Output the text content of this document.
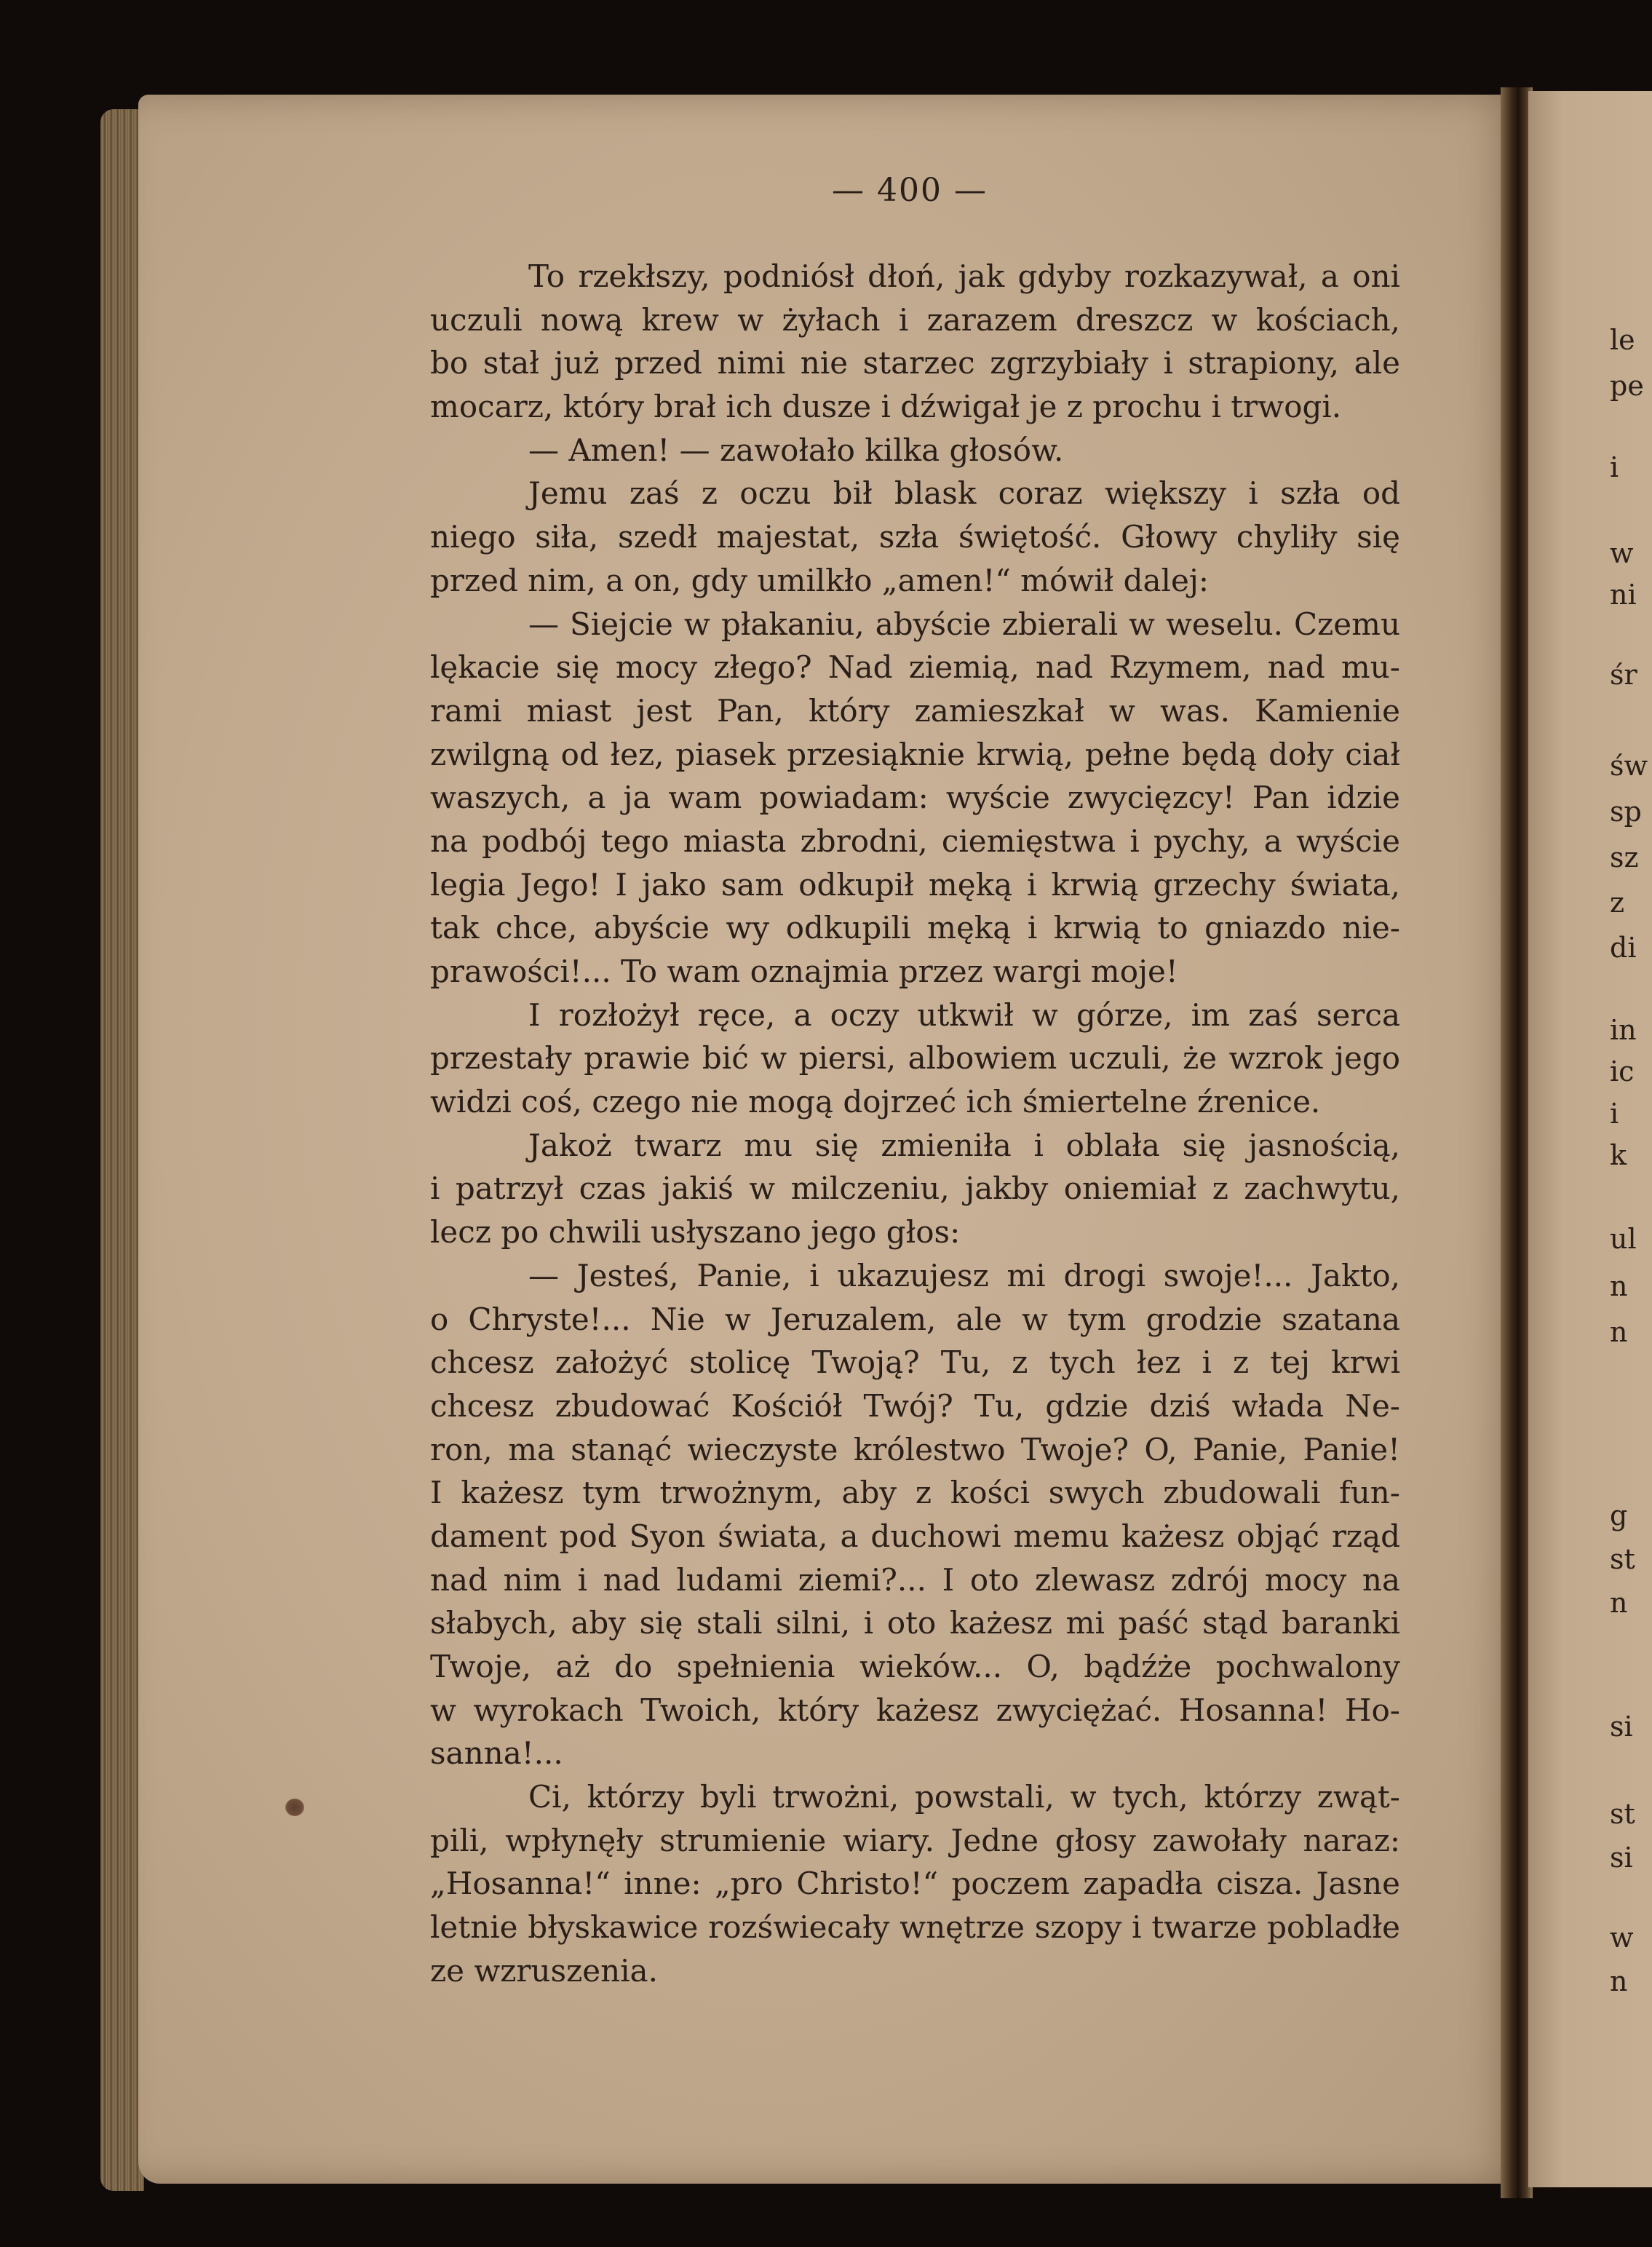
— 400 —
To rzekłszy, podniósł dłoń, jak gdyby rozkazywał, a oni
uczuli nową krew w żyłach i zarazem dreszcz w kościach,
bo stał już przed nimi nie starzec zgrzybiały i strapiony, ale
mocarz, który brał ich dusze i dźwigał je z prochu i trwogi.
— Amen! — zawołało kilka głosów.
Jemu zaś z oczu bił blask coraz większy i szła od
niego siła, szedł majestat, szła świętość. Głowy chyliły się
przed nim, a on, gdy umilkło „amen!“ mówił dalej:
— Siejcie w płakaniu, abyście zbierali w weselu. Czemu
lękacie się mocy złego? Nad ziemią, nad Rzymem, nad mu-
rami miast jest Pan, który zamieszkał w was. Kamienie
zwilgną od łez, piasek przesiąknie krwią, pełne będą doły ciał
waszych, a ja wam powiadam: wyście zwycięzcy! Pan idzie
na podbój tego miasta zbrodni, ciemięstwa i pychy, a wyście
legia Jego! I jako sam odkupił męką i krwią grzechy świata,
tak chce, abyście wy odkupili męką i krwią to gniazdo nie-
prawości!... To wam oznajmia przez wargi moje!
I rozłożył ręce, a oczy utkwił w górze, im zaś serca
przestały prawie bić w piersi, albowiem uczuli, że wzrok jego
widzi coś, czego nie mogą dojrzeć ich śmiertelne źrenice.
Jakoż twarz mu się zmieniła i oblała się jasnością,
i patrzył czas jakiś w milczeniu, jakby oniemiał z zachwytu,
lecz po chwili usłyszano jego głos:
— Jesteś, Panie, i ukazujesz mi drogi swoje!... Jakto,
o Chryste!... Nie w Jeruzalem, ale w tym grodzie szatana
chcesz założyć stolicę Twoją? Tu, z tych łez i z tej krwi
chcesz zbudować Kościół Twój? Tu, gdzie dziś włada Ne-
ron, ma stanąć wieczyste królestwo Twoje? O, Panie, Panie!
I każesz tym trwożnym, aby z kości swych zbudowali fun-
dament pod Syon świata, a duchowi memu każesz objąć rząd
nad nim i nad ludami ziemi?... I oto zlewasz zdrój mocy na
słabych, aby się stali silni, i oto każesz mi paść stąd baranki
Twoje, aż do spełnienia wieków... O, bądźże pochwalony
w wyrokach Twoich, który każesz zwyciężać. Hosanna! Ho-
sanna!...
Ci, którzy byli trwożni, powstali, w tych, którzy zwąt-
pili, wpłynęły strumienie wiary. Jedne głosy zawołały naraz:
„Hosanna!“ inne: „pro Christo!“ poczem zapadła cisza. Jasne
letnie błyskawice rozświecały wnętrze szopy i twarze pobladłe
ze wzruszenia.
le
pe
i
w
ni
śr
św
sp
sz
z
di
in
ic
i
k
ul
n
n
g
st
n
si
st
si
w
n
